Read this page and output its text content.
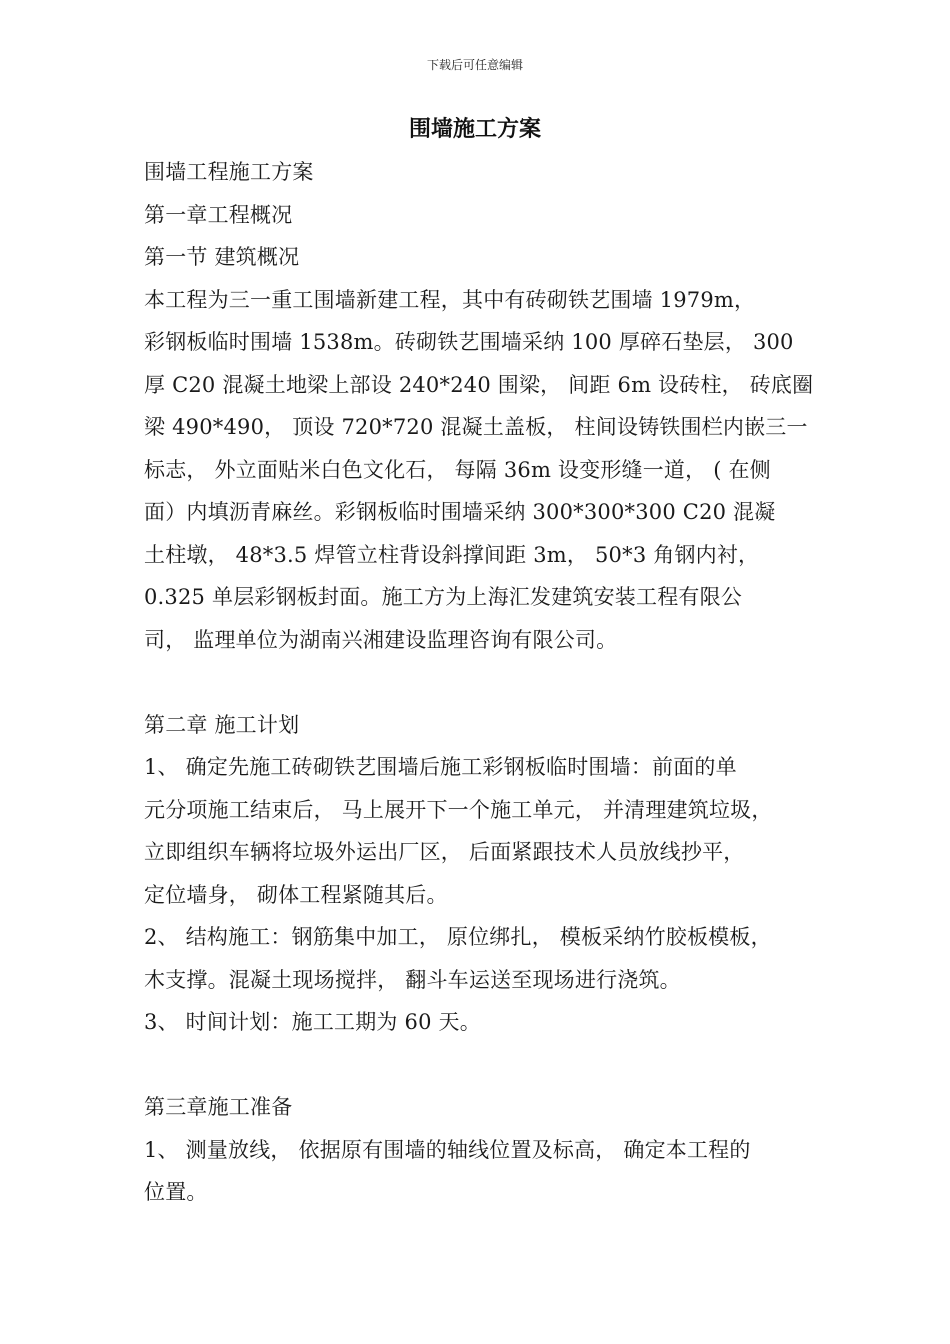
下载后可任意编辑
围墙施工方案
围墙工程施工方案
第一章工程概况
第一节 建筑概况
本工程为三一重工围墙新建工程，其中有砖砌铁艺围墙 1979m，
彩钢板临时围墙 1538m。砖砌铁艺围墙采纳 100 厚碎石垫层， 300
厚 C20 混凝土地梁上部设 240*240 围梁， 间距 6m 设砖柱， 砖底圈
梁 490*490， 顶设 720*720 混凝土盖板， 柱间设铸铁围栏内嵌三一
标志， 外立面贴米白色文化石， 每隔 36m 设变形缝一道， ( 在侧
面）内填沥青麻丝。彩钢板临时围墙采纳 300*300*300 C20 混凝
土柱墩， 48*3.5 焊管立柱背设斜撑间距 3m， 50*3 角钢内衬，
0.325 单层彩钢板封面。施工方为上海汇发建筑安装工程有限公
司， 监理单位为湖南兴湘建设监理咨询有限公司。
第二章 施工计划
1、 确定先施工砖砌铁艺围墙后施工彩钢板临时围墙：前面的单
元分项施工结束后， 马上展开下一个施工单元， 并清理建筑垃圾，
立即组织车辆将垃圾外运出厂区， 后面紧跟技术人员放线抄平，
定位墙身， 砌体工程紧随其后。
2、 结构施工：钢筋集中加工， 原位绑扎， 模板采纳竹胶板模板，
木支撑。混凝土现场搅拌， 翻斗车运送至现场进行浇筑。
3、 时间计划：施工工期为 60 天。
第三章施工准备
1、 测量放线， 依据原有围墙的轴线位置及标高， 确定本工程的
位置。
